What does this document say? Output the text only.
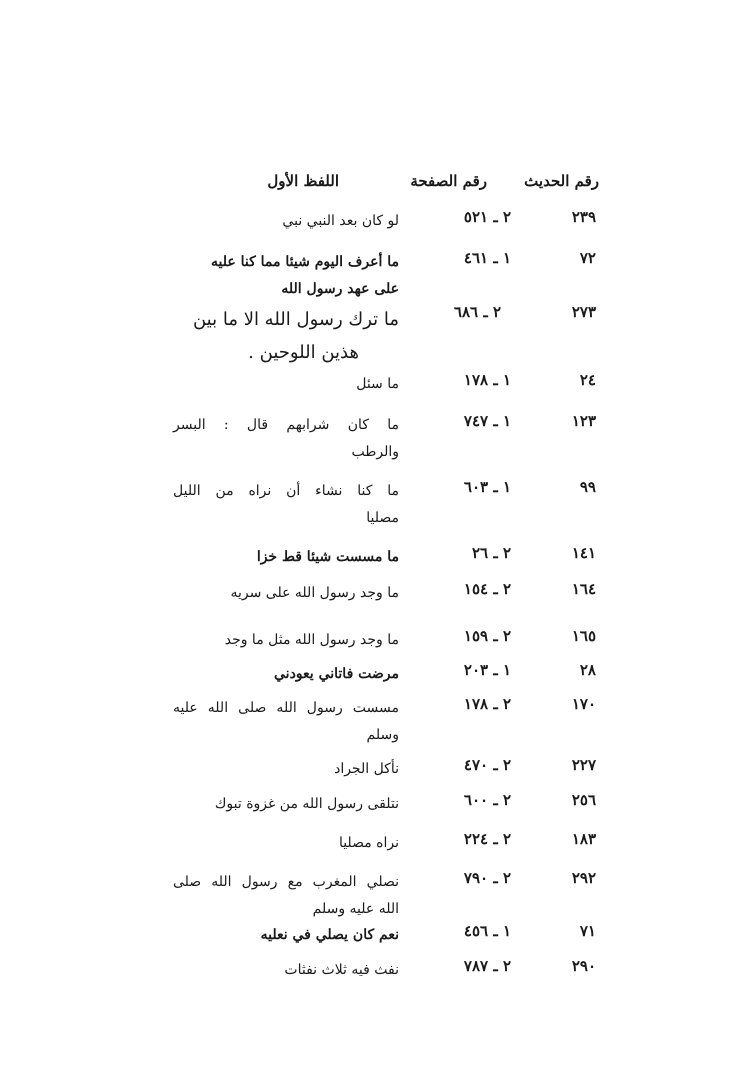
رقم الحديث
رقم الصفحة
اللفظ الأول
٢٣٩
٢ ـ ٥٢١
لو كان بعد النبي نبي
٧٢
١ ـ ٤٦١
ما أعرف اليوم شيئا مما كنا عليه
على عهد رسول الله
٢٧٣
٢ ـ ٦٨٦
ما ترك رسول الله الا ما بين
هذين اللوحين .
٢٤
١ ـ ١٧٨
ما سئل
١٢٣
١ ـ ٧٤٧
ما كان شرابهم قال : البسر
والرطب
٩٩
١ ـ ٦٠٣
ما كنا نشاء أن نراه من الليل
مصليا
١٤١
٢ ـ ٢٦
ما مسست شيئا قط خزا
١٦٤
٢ ـ ١٥٤
ما وجد رسول الله على سريه
١٦٥
٢ ـ ١٥٩
ما وجد رسول الله مثل ما وجد
٢٨
١ ـ ٢٠٣
مرضت فاتاني يعودني
١٧٠
٢ ـ ١٧٨
مسست رسول الله صلى الله عليه
وسلم
٢٢٧
٢ ـ ٤٧٠
نأكل الجراد
٢٥٦
٢ ـ ٦٠٠
نتلقى رسول الله من غزوة تبوك
١٨٣
٢ ـ ٢٢٤
نراه مصليا
٢٩٢
٢ ـ ٧٩٠
نصلي المغرب مع رسول الله صلى
الله عليه وسلم
٧١
١ ـ ٤٥٦
نعم كان يصلي في نعليه
٢٩٠
٢ ـ ٧٨٧
نفث فيه ثلاث نفثات
